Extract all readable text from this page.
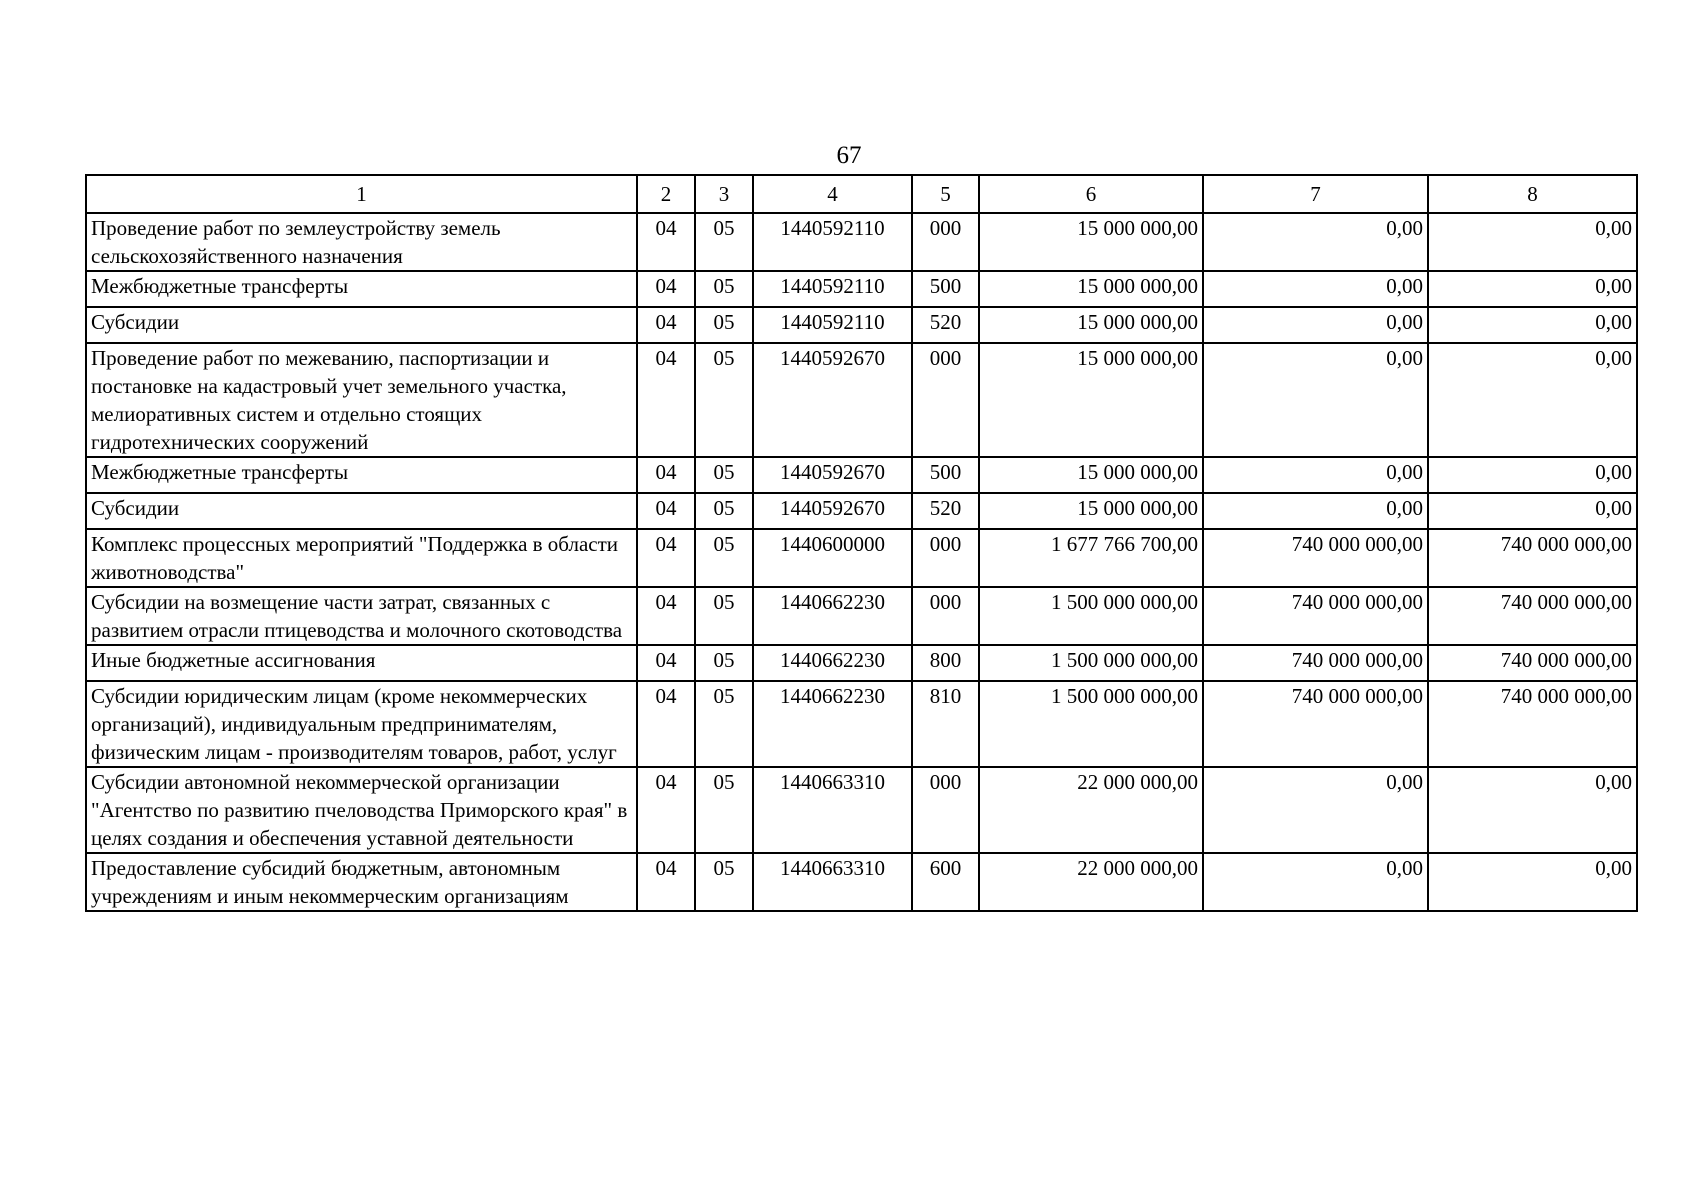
67
1	2	3	4	5	6	7	8
Проведение работ по землеустройству земель сельскохозяйственного назначения	04	05	1440592110	000	15 000 000,00	0,00	0,00
Межбюджетные трансферты	04	05	1440592110	500	15 000 000,00	0,00	0,00
Субсидии	04	05	1440592110	520	15 000 000,00	0,00	0,00
Проведение работ по межеванию, паспортизации и постановке на кадастровый учет земельного участка, мелиоративных систем и отдельно стоящих гидротехнических сооружений	04	05	1440592670	000	15 000 000,00	0,00	0,00
Межбюджетные трансферты	04	05	1440592670	500	15 000 000,00	0,00	0,00
Субсидии	04	05	1440592670	520	15 000 000,00	0,00	0,00
Комплекс процессных мероприятий "Поддержка в области животноводства"	04	05	1440600000	000	1 677 766 700,00	740 000 000,00	740 000 000,00
Субсидии на возмещение части затрат, связанных с развитием отрасли птицеводства и молочного скотоводства	04	05	1440662230	000	1 500 000 000,00	740 000 000,00	740 000 000,00
Иные бюджетные ассигнования	04	05	1440662230	800	1 500 000 000,00	740 000 000,00	740 000 000,00
Субсидии юридическим лицам (кроме некоммерческих организаций), индивидуальным предпринимателям, физическим лицам - производителям товаров, работ, услуг	04	05	1440662230	810	1 500 000 000,00	740 000 000,00	740 000 000,00
Субсидии автономной некоммерческой организации "Агентство по развитию пчеловодства Приморского края" в целях создания и обеспечения уставной деятельности	04	05	1440663310	000	22 000 000,00	0,00	0,00
Предоставление субсидий бюджетным, автономным учреждениям и иным некоммерческим организациям	04	05	1440663310	600	22 000 000,00	0,00	0,00
